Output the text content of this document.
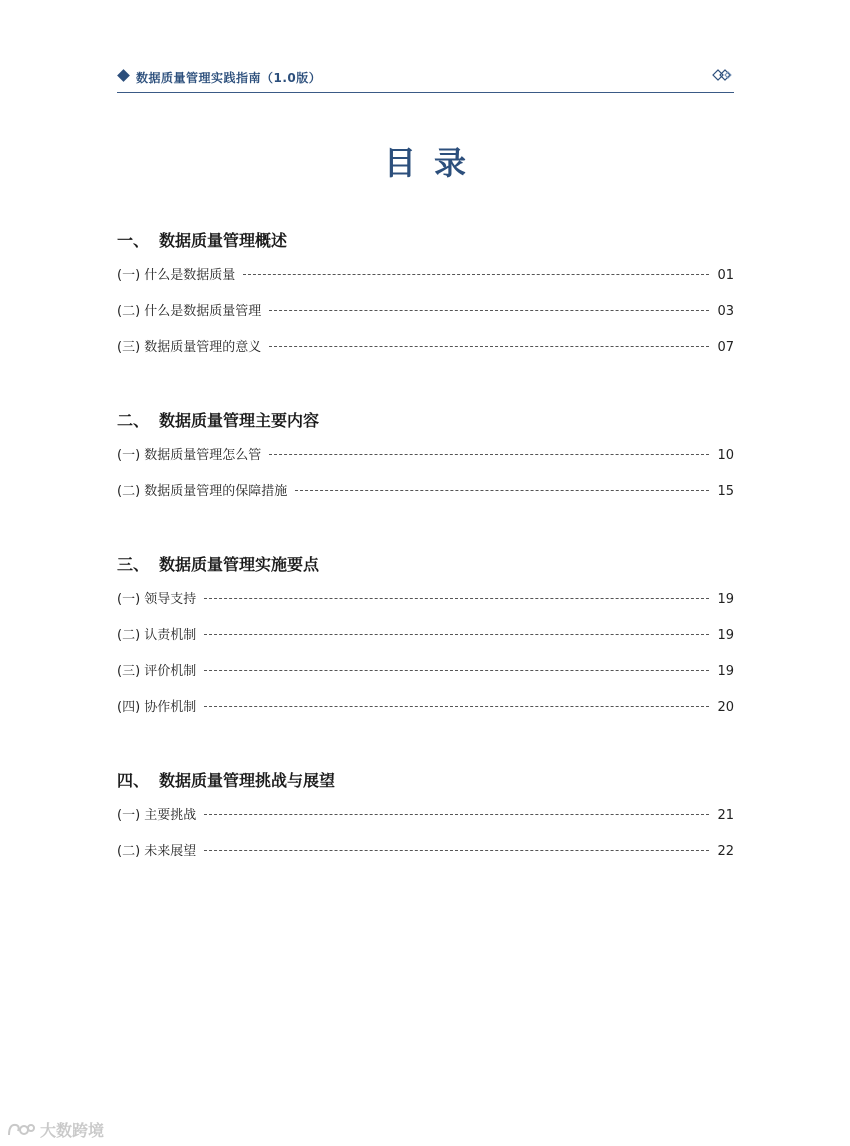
数据质量管理实践指南（1.0版）
目录
一、 数据质量管理概述
(一) 什么是数据质量	01
(二) 什么是数据质量管理	03
(三) 数据质量管理的意义	07
二、 数据质量管理主要内容
(一) 数据质量管理怎么管	10
(二) 数据质量管理的保障措施	15
三、 数据质量管理实施要点
(一) 领导支持	19
(二) 认责机制	19
(三) 评价机制	19
(四) 协作机制	20
四、 数据质量管理挑战与展望
(一) 主要挑战	21
(二) 未来展望	22
大数跨境
